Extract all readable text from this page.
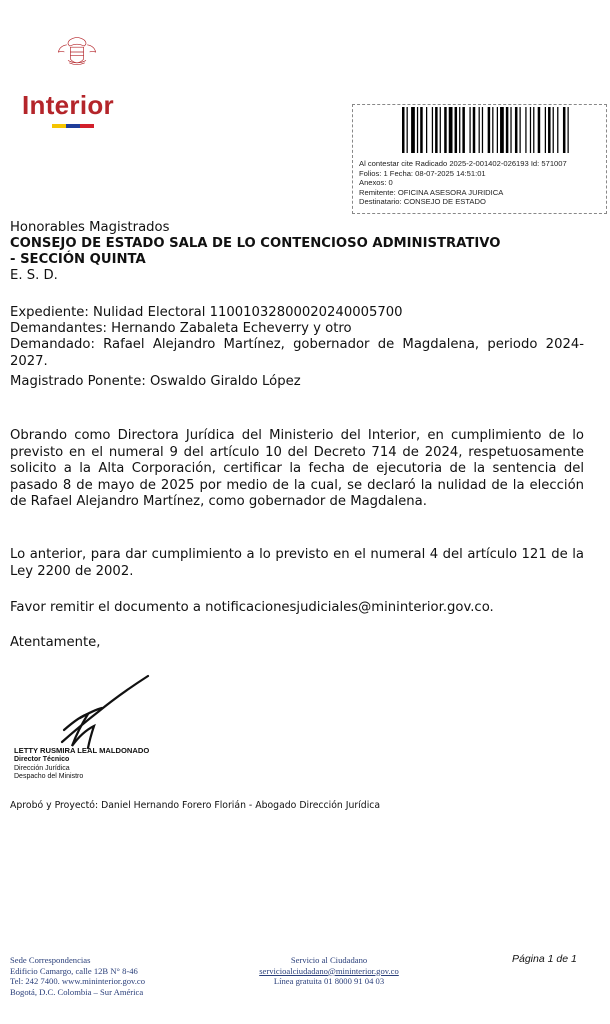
Interior
Al contestar cite Radicado 2025-2-001402-026193 Id: 571007
Folios: 1 Fecha: 08-07-2025 14:51:01
Anexos: 0
Remitente: OFICINA ASESORA JURIDICA
Destinatario: CONSEJO DE ESTADO
Honorables Magistrados
CONSEJO DE ESTADO SALA DE LO CONTENCIOSO ADMINISTRATIVO
- SECCIÓN QUINTA
E. S. D.
Expediente: Nulidad Electoral 11001032800020240005700
Demandantes: Hernando Zabaleta Echeverry y otro
Demandado: Rafael Alejandro Martínez, gobernador de Magdalena, periodo 2024-2027.
Magistrado Ponente: Oswaldo Giraldo López
Obrando como Directora Jurídica del Ministerio del Interior, en cumplimiento de lo previsto en el numeral 9 del artículo 10 del Decreto 714 de 2024, respetuosamente solicito a la Alta Corporación, certificar la fecha de ejecutoria de la sentencia del pasado 8 de mayo de 2025 por medio de la cual, se declaró la nulidad de la elección de Rafael Alejandro Martínez, como gobernador de Magdalena.
Lo anterior, para dar cumplimiento a lo previsto en el numeral 4 del artículo 121 de la Ley 2200 de 2002.
Favor remitir el documento a notificacionesjudiciales@mininterior.gov.co.
Atentamente,
LETTY RUSMIRA LEAL MALDONADO
Director Técnico
Dirección Jurídica
Despacho del Ministro
Aprobó y Proyectó: Daniel Hernando Forero Florián - Abogado Dirección Jurídica
Sede Correspondencias
Edificio Camargo, calle 12B N° 8-46
Tel: 242 7400. www.mininterior.gov.co
Bogotá, D.C. Colombia – Sur América
Servicio al Ciudadano
servicioalciudadano@mininterior.gov.co
Línea gratuita 01 8000 91 04 03
Página 1 de 1
